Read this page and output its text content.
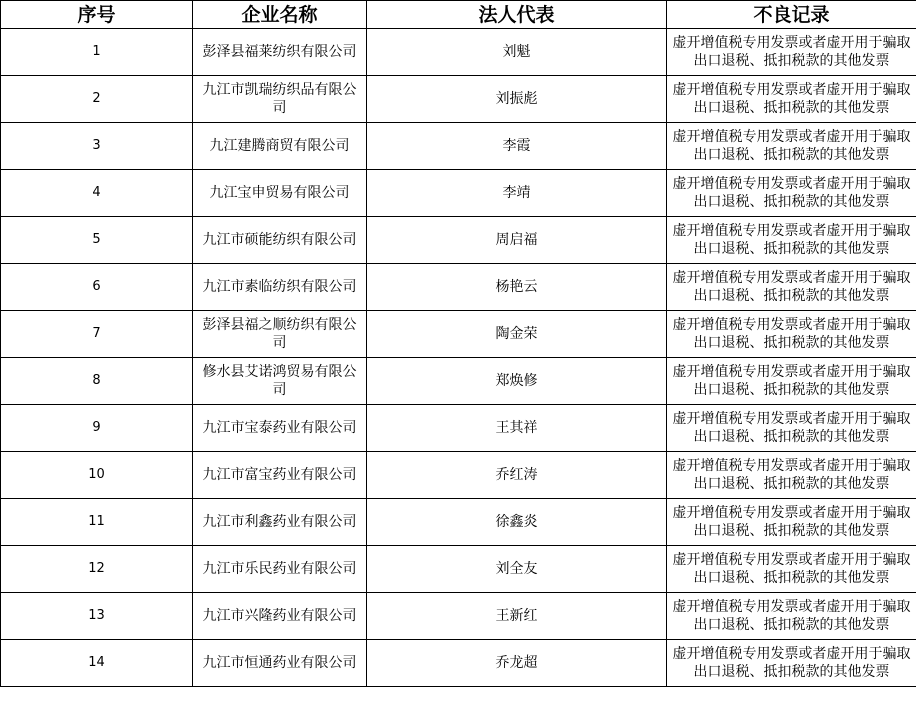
序号	企业名称	法人代表	不良记录
1	彭泽县福莱纺织有限公司	刘魁	虚开增值税专用发票或者虚开用于骗取出口退税、抵扣税款的其他发票
2	九江市凯瑞纺织品有限公司	刘振彪	虚开增值税专用发票或者虚开用于骗取出口退税、抵扣税款的其他发票
3	九江建腾商贸有限公司	李霞	虚开增值税专用发票或者虚开用于骗取出口退税、抵扣税款的其他发票
4	九江宝申贸易有限公司	李靖	虚开增值税专用发票或者虚开用于骗取出口退税、抵扣税款的其他发票
5	九江市硕能纺织有限公司	周启福	虚开增值税专用发票或者虚开用于骗取出口退税、抵扣税款的其他发票
6	九江市素临纺织有限公司	杨艳云	虚开增值税专用发票或者虚开用于骗取出口退税、抵扣税款的其他发票
7	彭泽县福之顺纺织有限公司	陶金荣	虚开增值税专用发票或者虚开用于骗取出口退税、抵扣税款的其他发票
8	修水县艾诺鸿贸易有限公司	郑焕修	虚开增值税专用发票或者虚开用于骗取出口退税、抵扣税款的其他发票
9	九江市宝泰药业有限公司	王其祥	虚开增值税专用发票或者虚开用于骗取出口退税、抵扣税款的其他发票
10	九江市富宝药业有限公司	乔红涛	虚开增值税专用发票或者虚开用于骗取出口退税、抵扣税款的其他发票
11	九江市利鑫药业有限公司	徐鑫炎	虚开增值税专用发票或者虚开用于骗取出口退税、抵扣税款的其他发票
12	九江市乐民药业有限公司	刘全友	虚开增值税专用发票或者虚开用于骗取出口退税、抵扣税款的其他发票
13	九江市兴隆药业有限公司	王新红	虚开增值税专用发票或者虚开用于骗取出口退税、抵扣税款的其他发票
14	九江市恒通药业有限公司	乔龙超	虚开增值税专用发票或者虚开用于骗取出口退税、抵扣税款的其他发票
